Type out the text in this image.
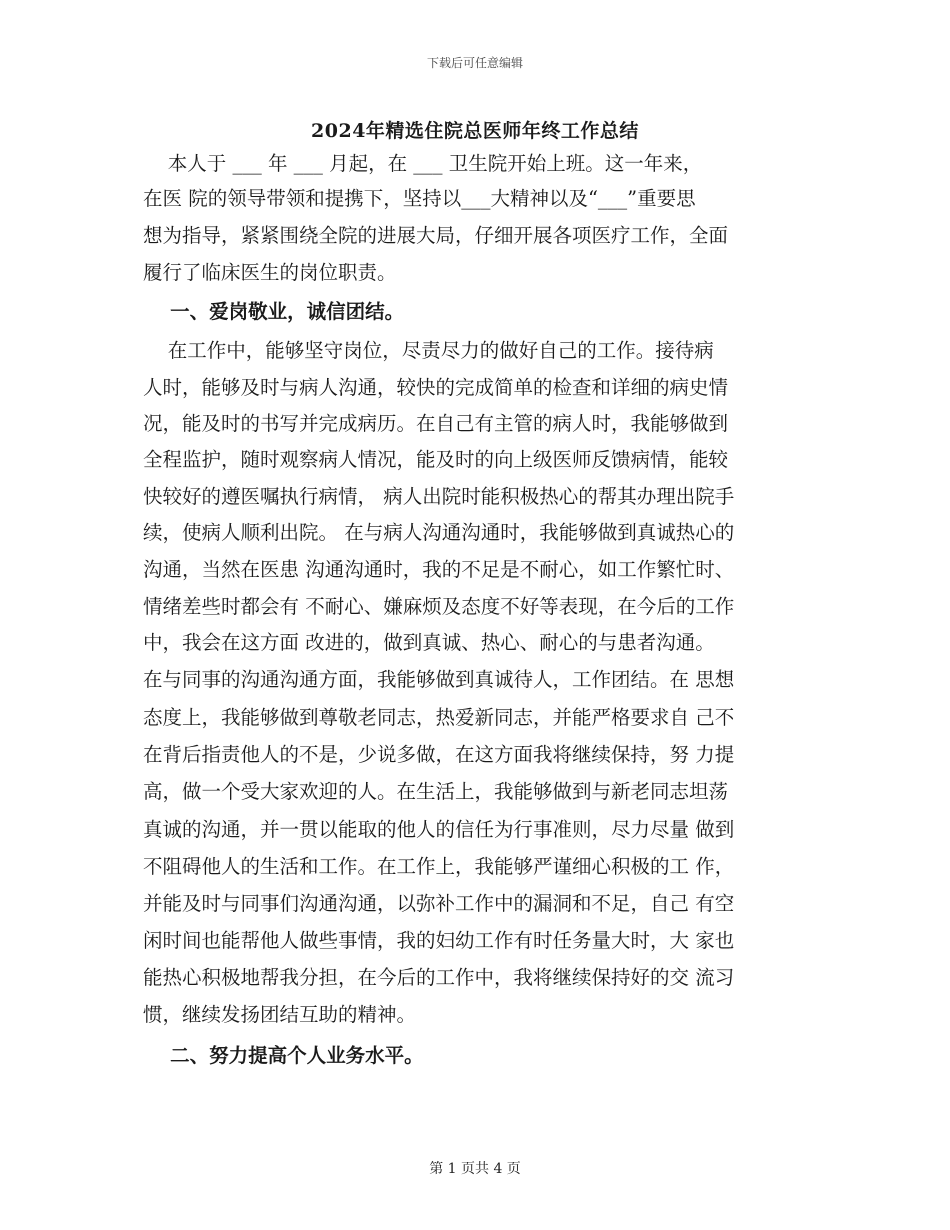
下载后可任意编辑
2024年精选住院总医师年终工作总结
本人于 ___ 年 ___ 月起，在 ___ 卫生院开始上班。这一年来，
在医 院的领导带领和提携下，坚持以___大精神以及“___”重要思
想为指导，紧紧围绕全院的进展大局，仔细开展各项医疗工作，全面
履行了临床医生的岗位职责。
一、爱岗敬业，诚信团结。
在工作中，能够坚守岗位，尽责尽力的做好自己的工作。接待病
人时，能够及时与病人沟通，较快的完成简单的检查和详细的病史情
况，能及时的书写并完成病历。在自己有主管的病人时，我能够做到
全程监护，随时观察病人情况，能及时的向上级医师反馈病情，能较
快较好的遵医嘱执行病情， 病人出院时能积极热心的帮其办理出院手
续，使病人顺利出院。 在与病人沟通沟通时，我能够做到真诚热心的
沟通，当然在医患 沟通沟通时，我的不足是不耐心，如工作繁忙时、
情绪差些时都会有 不耐心、嫌麻烦及态度不好等表现，在今后的工作
中，我会在这方面 改进的，做到真诚、热心、耐心的与患者沟通。
在与同事的沟通沟通方面，我能够做到真诚待人，工作团结。在 思想
态度上，我能够做到尊敬老同志，热爱新同志，并能严格要求自 己不
在背后指责他人的不是，少说多做，在这方面我将继续保持，努 力提
高，做一个受大家欢迎的人。在生活上，我能够做到与新老同志坦荡
真诚的沟通，并一贯以能取的他人的信任为行事准则，尽力尽量 做到
不阻碍他人的生活和工作。在工作上，我能够严谨细心积极的工 作，
并能及时与同事们沟通沟通，以弥补工作中的漏洞和不足，自己 有空
闲时间也能帮他人做些事情，我的妇幼工作有时任务量大时，大 家也
能热心积极地帮我分担，在今后的工作中，我将继续保持好的交 流习
惯，继续发扬团结互助的精神。
二、努力提高个人业务水平。
第 1 页共 4 页
